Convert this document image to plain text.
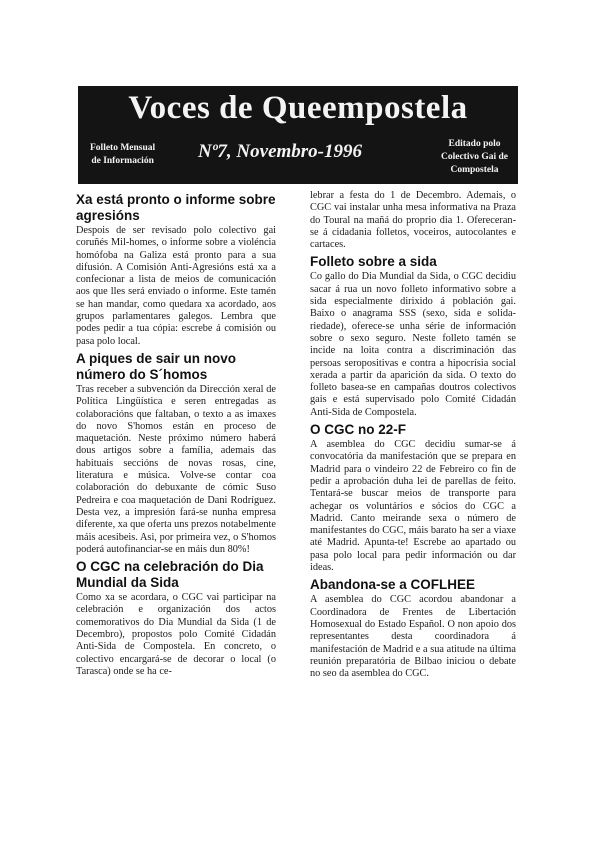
Voces de Queempostela
Folleto Mensual
de Información Nº7, Novembro-1996	Editado polo
Colectivo Gai de
Compostela
Xa está pronto o informe sobre agresións

Despois de ser revisado polo colectivo gai coruñés Mil-homes, o informe sobre a violéncia homófoba na Galiza está pronto para a sua difusión. A Comisión Anti-Agresións está xa a confecionar a lista de meios de comunicación aos que lles será enviado o informe. Este tamén se han mandar, como quedara xa acordado, aos grupos parlamentares galegos. Lembra que podes pedir a tua cópia: escrebe á comisión ou pasa polo local.

A piques de sair un novo número do S´homos

Tras receber a subvención da Dirección xeral de Política Lingüística e seren entregadas as colaboracións que faltaban, o texto a as imaxes do novo S'homos están en proceso de maquetación. Neste próximo número haberá dous artigos sobre a família, ademais das habituais seccións de novas rosas, cine, literatura e música. Volve-se contar coa colaboración do debuxante de cómic Suso Pedreira e coa maquetación de Dani Rodríguez. Desta vez, a impresión fará-se nunha empresa diferente, xa que oferta uns prezos notabelmente máis acesibeis. Asi, por primeira vez, o S'homos poderá autofinanciar-se en máis dun 80%!

O CGC na celebración do Dia Mundial da Sida

Como xa se acordara, o CGC vai participar na celebración e organización dos actos comemorativos do Dia Mundial da Sida (1 de Decembro), propostos polo Comité Cidadán Anti-Sida de Compostela. En concreto, o colectivo encargará-se de decorar o local (o Tarasca) onde se ha ce-

lebrar a festa do 1 de Decembro. Ademais, o CGC vai instalar unha mesa informativa na Praza do Toural na mañá do proprio dia 1. Ofereceran-se á cidadania folletos, voceiros, autocolantes e cartaces.

Folleto sobre a sida

Co gallo do Dia Mundial da Sida, o CGC decidiu sacar á rua un novo folleto informativo sobre a sida especialmente dirixido á población gai. Baixo o anagrama SSS (sexo, sida e solida-riedade), oferece-se unha série de información sobre o sexo seguro. Neste folleto tamén se incide na loita contra a discriminación das persoas seropositivas e contra a hipocrísia social xerada a partir da aparición da sida. O texto do folleto basea-se en campañas doutros colectivos gais e está supervisado polo Comité Cidadán Anti-Sida de Compostela.

O CGC no 22-F

A asemblea do CGC decidiu sumar-se á convocatória da manifestación que se prepara en Madrid para o vindeiro 22 de Febreiro co fin de pedir a aprobación duha lei de parellas de feito. Tentará-se buscar meios de transporte para achegar os voluntários e sócios do CGC a Madrid. Canto meirande sexa o número de manifestantes do CGC, máis barato ha ser a viaxe até Madrid. Apunta-te! Escrebe ao apartado ou pasa polo local para pedir información ou dar ideas.

Abandona-se a COFLHEE

A asemblea do CGC acordou abandonar a Coordinadora de Frentes de Libertación Homosexual do Estado Español. O non apoio dos representantes desta coordinadora á manifestación de Madrid e a sua atitude na última reunión preparatória de Bilbao iniciou o debate no seo da asemblea do CGC.
